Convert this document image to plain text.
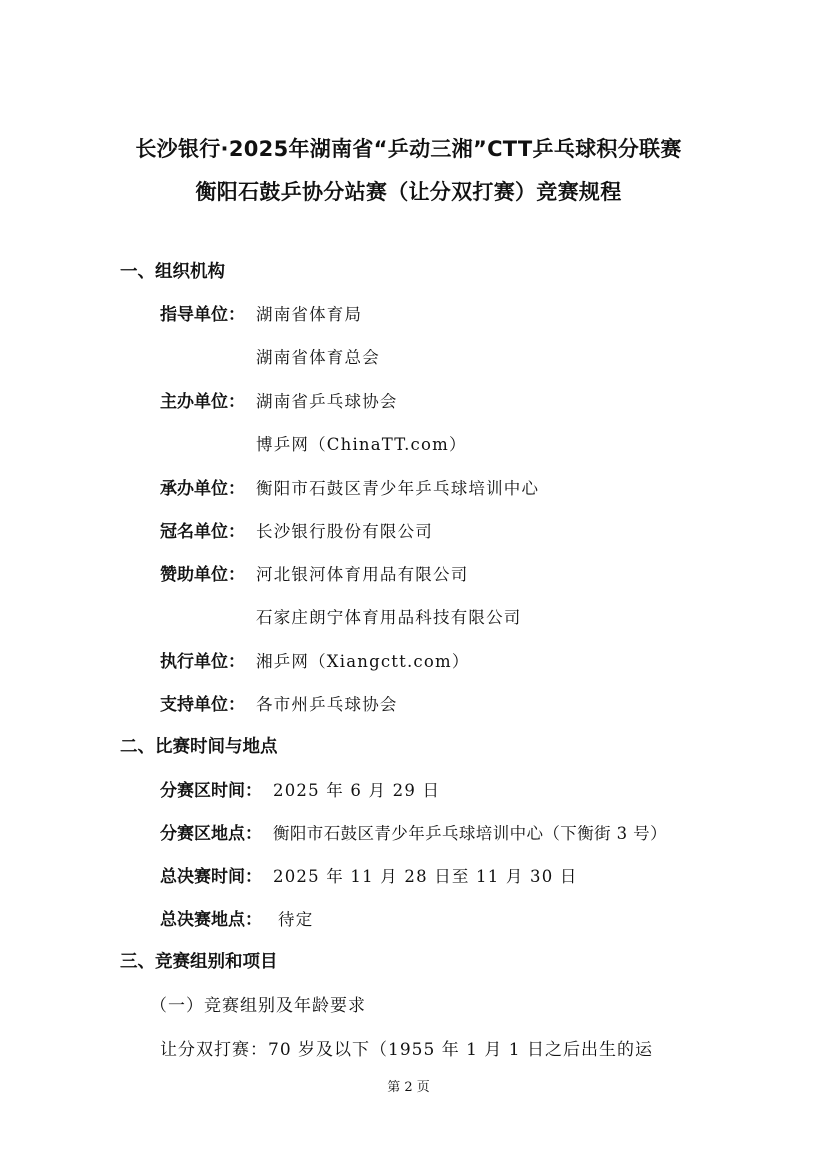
长沙银行·2025年湖南省“乒动三湘”CTT乒乓球积分联赛
衡阳石鼓乒协分站赛（让分双打赛）竞赛规程
一、组织机构
指导单位： 湖南省体育局
湖南省体育总会
主办单位： 湖南省乒乓球协会
博乒网（ChinaTT.com）
承办单位： 衡阳市石鼓区青少年乒乓球培训中心
冠名单位： 长沙银行股份有限公司
赞助单位： 河北银河体育用品有限公司
石家庄朗宁体育用品科技有限公司
执行单位： 湘乒网（Xiangctt.com）
支持单位： 各市州乒乓球协会
二、比赛时间与地点
分赛区时间： 2025 年 6 月 29 日
分赛区地点： 衡阳市石鼓区青少年乒乓球培训中心（下衡街 3 号）
总决赛时间： 2025 年 11 月 28 日至 11 月 30 日
总决赛地点： 待定
三、竞赛组别和项目
（一）竞赛组别及年龄要求
让分双打赛：70 岁及以下（1955 年 1 月 1 日之后出生的运
第 2 页
